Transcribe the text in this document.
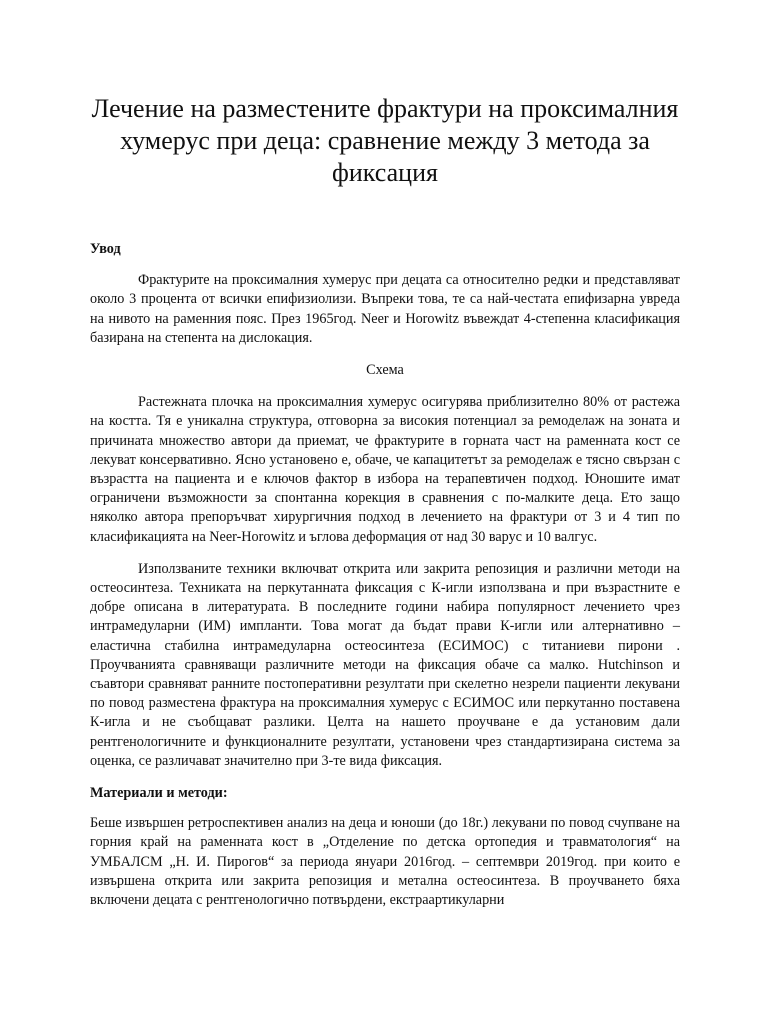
Лечение на разместените фрактури на проксималния хумерус при деца: сравнение между 3 метода за фиксация

Увод

Фрактурите на проксималния хумерус при децата са относително редки и представляват около 3 процента от всички епифизиолизи. Въпреки това, те са най-честата епифизарна увреда на нивото на раменния пояс. През 1965год. Neer и Horowitz въвеждат 4-степенна класификация базирана на степента на дислокация.

Схема

Растежната плочка на проксималния хумерус осигурява приблизително 80% от растежа на костта. Тя е уникална структура, отговорна за високия потенциал за ремоделаж на зоната и причината множество автори да приемат, че фрактурите в горната част на раменната кост се лекуват консервативно. Ясно установено е, обаче, че капацитетът за ремоделаж е тясно свързан с възрастта на пациента и е ключов фактор в избора на терапевтичен подход. Юношите имат ограничени възможности за спонтанна корекция в сравнения с по-малките деца. Ето защо няколко автора препоръчват хирургичния подход в лечението на фрактури от 3 и 4 тип по класификацията на Neer-Horowitz и ъглова деформация от над 30 варус и 10 валгус.

Използваните техники включват открита или закрита репозиция и различни методи на остеосинтеза. Техниката на перкутанната фиксация с К-игли използвана и при възрастните е добре описана в литературата. В последните години набира популярност лечението чрез интрамедуларни (ИМ) импланти. Това могат да бъдат прави К-игли или алтернативно – еластична стабилна интрамедуларна остеосинтеза (ЕСИМОС) с титаниеви пирони . Проучванията сравняващи различните методи на фиксация обаче са малко. Hutchinson и съавтори сравняват ранните постоперативни резултати при скелетно незрели пациенти лекувани по повод разместена фрактура на проксималния хумерус с ЕСИМОС или перкутанно поставена К-игла и не съобщават разлики. Целта на нашето проучване е да установим дали рентгенологичните и функционалните резултати, установени чрез стандартизирана система за оценка, се различават значително при 3-те вида фиксация.

Материали и методи:

Беше извършен ретроспективен анализ на деца и юноши (до 18г.) лекувани по повод счупване на горния край на раменната кост в „Отделение по детска ортопедия и травматология“ на УМБАЛСМ „Н. И. Пирогов“ за периода януари 2016год. – септември 2019год. при които е извършена открита или закрита репозиция и метална остеосинтеза. В проучването бяха включени децата с рентгенологично потвърдени, екстраартикуларни
